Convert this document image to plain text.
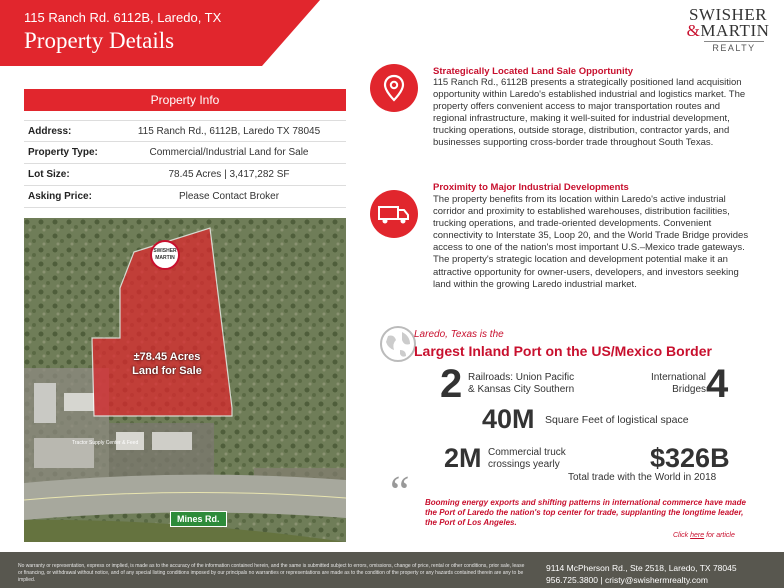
115 Ranch Rd. 6112B, Laredo, TX
Property Details
SWISHER
&MARTIN
REALTY
Property Info
Address:	115 Ranch Rd., 6112B, Laredo TX 78045
Property Type:	Commercial/Industrial Land for Sale
Lot Size:	78.45 Acres | 3,417,282 SF
Asking Price:	Please Contact Broker
SWISHER
MARTIN
±78.45 Acres
Land for Sale
Tractor Supply Center & Feed
Mines Rd.
Strategically Located Land Sale Opportunity
115 Ranch Rd., 6112B presents a strategically positioned land acquisition opportunity within Laredo's established industrial and logistics market. The property offers convenient access to major transportation routes and regional infrastructure, making it well-suited for industrial development, trucking operations, outside storage, distribution, contractor yards, and businesses supporting cross-border trade throughout South Texas.
Proximity to Major Industrial Developments
The property benefits from its location within Laredo's active industrial corridor and proximity to established warehouses, distribution facilities, trucking operations, and trade-oriented developments. Convenient connectivity to Interstate 35, Loop 20, and the World Trade Bridge provides access to one of the nation's most important U.S.–Mexico trade gateways. The property's strategic location and development potential make it an attractive opportunity for owner-users, developers, and investors seeking land within the growing Laredo industrial market.
Laredo, Texas is the
Largest Inland Port on the US/Mexico Border
2 Railroads: Union Pacific
& Kansas City Southern
International
Bridges 4
40M Square Feet of logistical space
2M Commercial truck
crossings yearly	$326B
Total trade with the World in 2018
“ Booming energy exports and shifting patterns in international commerce have made the Port of Laredo the nation's top center for trade, supplanting the longtime leader, the Port of Los Angeles.
Click here for article
No warranty or representation, express or implied, is made as to the accuracy of the information contained herein, and the same is submitted subject to errors, omissions, change of price, rental or other conditions, prior sale, lease or financing, or withdrawal without notice, and of any special listing conditions imposed by our principals no warranties or representations are made as to the condition of the property or any hazards contained therein are any to be implied.
9114 McPherson Rd., Ste 2518, Laredo, TX 78045
956.725.3800 | cristy@swishermrealty.com
